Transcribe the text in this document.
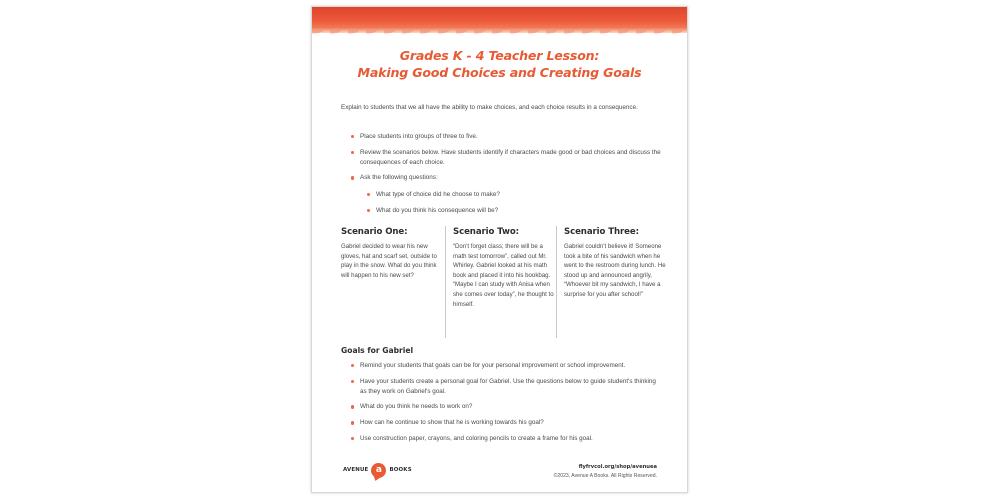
Grades K - 4 Teacher Lesson:
Making Good Choices and Creating Goals

Explain to students that we all have the ability to make choices, and each choice results in a consequence.

Place students into groups of three to five.
Review the scenarios below. Have students identify if characters made good or bad choices and discuss the consequences of each choice.
Ask the following questions:
What type of choice did he choose to make?
What do you think his consequence will be?
Scenario One:

Gabriel decided to wear his new gloves, hat and scarf set, outside to play in the snow. What do you think will happen to his new set?

Scenario Two:

“Don't forget class; there will be a math test tomorrow”, called out Mr. Whirley. Gabriel looked at his math book and placed it into his bookbag. “Maybe I can study with Anisa when she comes over today”, he thought to himself.

Scenario Three:

Gabriel couldn't believe it! Someone took a bite of his sandwich when he went to the restroom during lunch. He stood up and announced angrily, “Whoever bit my sandwich, I have a surprise for you after school!”

Goals for Gabriel
Remind your students that goals can be for your personal improvement or school improvement.
Have your students create a personal goal for Gabriel. Use the questions below to guide student's thinking as they work on Gabriel's goal.
What do you think he needs to work on?
How can he continue to show that he is working towards his goal?
Use construction paper, crayons, and coloring pencils to create a frame for his goal.
AVENUE a BOOKS	flyfrvcol.org/shop/avenuea
©2023, Avenue A Books. All Rights Reserved.
